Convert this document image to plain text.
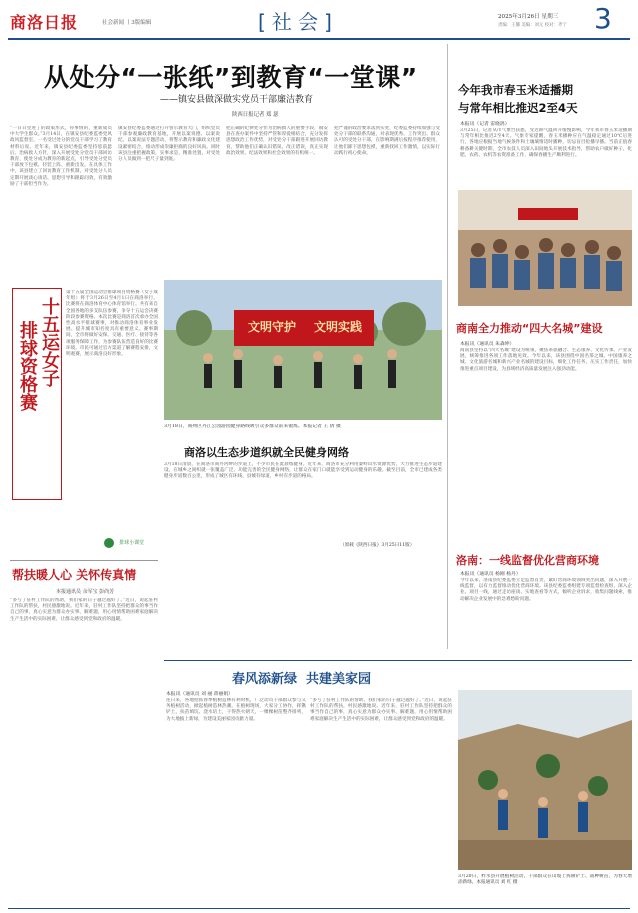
商洛日报	社会新闻 丨3版编辑	[ 社 会 ]	2025年3月26日 星期三
责编：王馨 美编：刘元 校对：齐宁 3
从处分“一张纸”到教育“一堂课”
——镇安县做深做实党员干部廉洁教育
陕西日报记者 郑 瑟
“一日日里进了的政策形式，你事情的，重新成员中大学生群众。”3月14日，在镇安县纪委监委党风政风监督室，一名受过处分的党员干部学习了教育材料后说。近年来，镇安县纪委监委坚持惩前毖后、治病救人方针，深入开展受处分党员干部回访教育，使处分成为教育的新起点，引导受处分党员干部放下包袱、轻装上阵、重新出发。在具体工作中，该县建立了回访教育工作机制，对受处分人员定期开展谈心谈话、思想引导和跟踪问效，有效激励了干部担当作为。
镇安县纪委监委通过打开警示教育大门，组织党员干部参观廉政教育基地，开展以案说德、以案说纪、以案说法专题活动，将警示教育和廉政文化建设紧密结合，推动形成崇廉拒腐的良好风尚。同时该县注重把握政策，实事求是、精准处置，对受处分人员做到一把尺子量到底。
把正确的纪律处分作为治病救人的重要手段，镇安县在查办案件中坚持严管和厚爱相结合，充分发挥思想政治工作优势，对受处分干部跟进开展回访教育，帮助他们正确认识错误、改正错误，真正实现政治效果、纪法效果和社会效果的有机统一。
把严谨的政治要求落到实处，纪委监委持续加强与受处分干部的联系沟通，对表现优秀、工作突出、群众认可的受处分干部，在影响期满后按程序推荐使用，让他们卸下思想包袱，重新找回工作激情，以实际行动践行初心使命。
今年我市春玉米适播期
与常年相比推迟2至4天
本报讯（记者 雷晓鸽）
3月25日，记者从市气象台获悉，受近期气温回升缓慢影响，今年我市春玉米适播期与常年相比推迟2至4天。气象专家提醒，春玉米播种应在气温稳定通过10℃后进行，各地应根据当地气候条件和土壤墒情适时播种，切忌盲目抢播早播。当前正值春耕备耕关键时期，全市农技人员深入田间地头开展技术指导，帮助农户做好种子、化肥、农药、农机等农资准备工作，确保春播生产顺利进行。
十五运女子
排球资格赛
第十五届全国运动会排球项目资格赛（女子成年组）将于3月26日至4月1日在商洛举行，比赛将在商洛体育中心体育馆举行。共有来自全国各地的多支队伍参赛，争夺十五运会决赛阶段参赛资格。本次比赛是商洛首次承办全国性高水平排球赛事，对推动商洛体育事业发展、提升城市知名度具有重要意义。赛事期间，全市将做好安保、交通、医疗、接待等各项服务保障工作，为参赛队伍营造良好的比赛环境。市民可通过官方渠道了解赛程安排，文明观赛，展示商洛良好形象。
排球小课堂
文明守护 文明实践
3月18日，商州区丹江公园游园健身路线吸引众多群众前来锻炼。本报记者 王 倩 摄
商南全力推动“四大名城”建设
本报讯（通讯员 朱森坤）
商南县坚持以“四大名城”建设为统领，聚焦茶旅融合、生态康养、文化传承、产业发展，统筹推进各项工作落地见效。今年以来，该县围绕中国名茶之城、中国康养之城、文化旅游名城和新兴产业名城的建设目标，细化工作任务，压实工作责任，加快推进重点项目建设，为县域经济高质量发展注入强劲动能。
商洛以生态步道织就全民健身网络
3月18日清晨，在商洛市商丹河畔的步道上，不少市民在此晨练健身。近年来，商洛市充分利用秦岭山水资源优势，大力推进生态步道建设，在城乡之间织就一张覆盖广泛、功能完善的全民健身网络，让群众在家门口就能享受到运动健身的乐趣。截至目前，全市已建成各类健身步道数百公里，形成了城区有环线、县城有绿道、乡村有步道的格局。
（原载《陕西日报》3月25日11版）
洛南：一线监督优化营商环境
本报讯（通讯员 杨刚 杨丹）
今年以来，洛南县纪委监委立足监督首责，紧盯营商环境领域突出问题，深入开展一线监督，以有力监督推动优化营商环境。该县纪委监委组建专项监督检查组，深入企业、项目一线，通过走访座谈、实地查看等方式，倾听企业诉求，收集问题线索，推动解决企业发展中的急难愁盼问题。
帮扶暖人心 关怀传真情
本报通讯员 余军宝 彭尚芳
“多亏了驻村工作队的帮助，我们家的日子越过越好了。”近日，说起驻村工作队的帮扶，村民感激地说。近年来，驻村工作队坚持把群众的事当作自己的事，真心实意为群众办实事、解难题，用心用情帮助困难家庭解决生产生活中的实际困难，让群众感受到党和政府的温暖。
春风添新绿  共建美家园
本报讯（通讯员 刘 丽 蒋丽娟）
连日来，各地抢抓春季植树造林有利时机，广泛动员干部群众参与义务植树活动，掀起植树造林热潮。在植树现场，大家分工协作，挥锹铲土、扶苗填坑、浇水培土，干得热火朝天，一棵棵树苗整齐排列，为大地披上新绿，为建设美丽家园贡献力量。
“多亏了驻村工作队的帮助，我们家的日子越过越好了。”近日，说起驻村工作队的帮扶，村民感激地说。近年来，驻村工作队坚持把群众的事当作自己的事，真心实意为群众办实事、解难题，用心用情帮助困难家庭解决生产生活中的实际困难，让群众感受到党和政府的温暖。
3月20日，柞水县开展植树活动，干部群众在山坡上挥锹铲土、栽种树苗，为春天增添新绿。本报通讯员 刘 红 摄
